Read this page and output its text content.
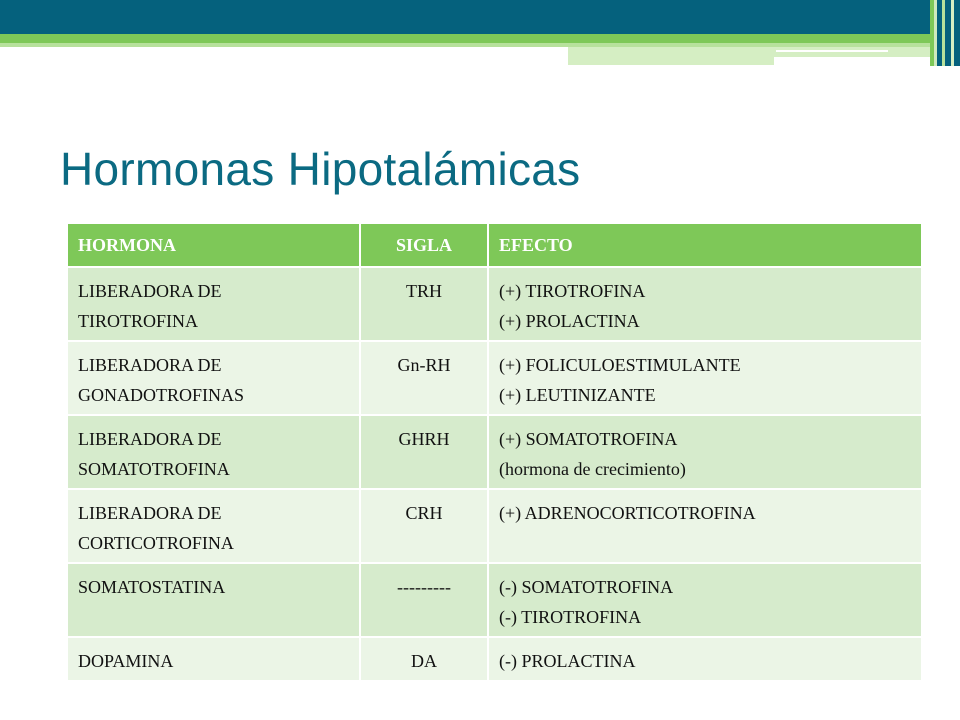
Hormonas Hipotalámicas
HORMONA	SIGLA	EFECTO

LIBERADORA DE
TIROTROFINA	TRH	(+) TIROTROFINA
(+) PROLACTINA

LIBERADORA DE
GONADOTROFINAS	Gn-RH	(+) FOLICULOESTIMULANTE
(+) LEUTINIZANTE

LIBERADORA DE
SOMATOTROFINA	GHRH	(+) SOMATOTROFINA
(hormona de crecimiento)

LIBERADORA DE
CORTICOTROFINA	CRH	(+) ADRENOCORTICOTROFINA

SOMATOSTATINA	---------	(-) SOMATOTROFINA
(-) TIROTROFINA

DOPAMINA	DA	(-) PROLACTINA
